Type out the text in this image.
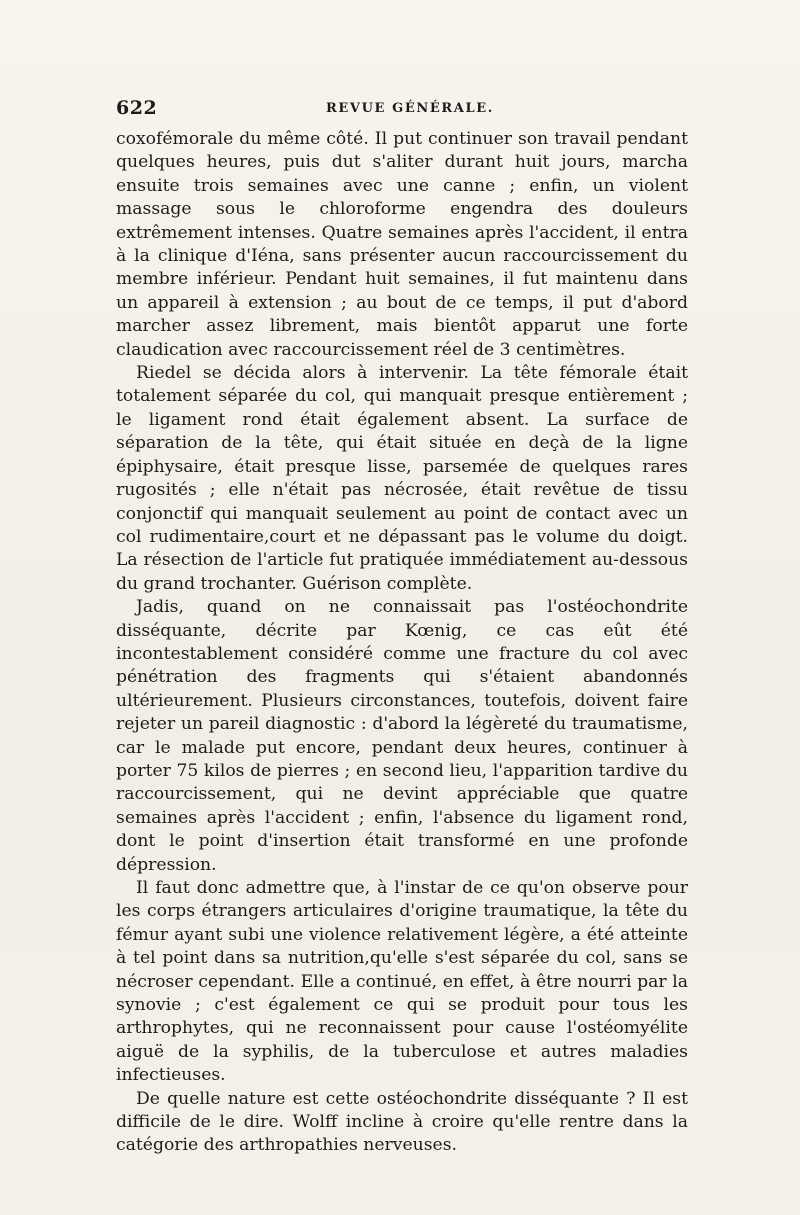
622	REVUE GÉNÉRALE.

coxofémorale du même côté. Il put continuer son travail pendant quelques heures, puis dut s'aliter durant huit jours, marcha ensuite trois semaines avec une canne ; enfin, un violent massage sous le chloroforme engendra des douleurs extrêmement intenses. Quatre semaines après l'accident, il entra à la clinique d'Iéna, sans présenter aucun raccourcissement du membre inférieur. Pendant huit semaines, il fut maintenu dans un appareil à extension ; au bout de ce temps, il put d'abord marcher assez librement, mais bientôt apparut une forte claudication avec raccourcissement réel de 3 centimètres.

Riedel se décida alors à intervenir. La tête fémorale était totalement séparée du col, qui manquait presque entièrement ; le ligament rond était également absent. La surface de séparation de la tête, qui était située en deçà de la ligne épiphysaire, était presque lisse, parsemée de quelques rares rugosités ; elle n'était pas nécrosée, était revêtue de tissu conjonctif qui manquait seulement au point de contact avec un col rudimentaire,court et ne dépassant pas le volume du doigt. La résection de l'article fut pratiquée immédiatement au-dessous du grand trochanter. Guérison complète.

Jadis, quand on ne connaissait pas l'ostéochondrite disséquante, décrite par Kœnig, ce cas eût été incontestablement considéré comme une fracture du col avec pénétration des fragments qui s'étaient abandonnés ultérieurement. Plusieurs circonstances, toutefois, doivent faire rejeter un pareil diagnostic : d'abord la légèreté du traumatisme, car le malade put encore, pendant deux heures, continuer à porter 75 kilos de pierres ; en second lieu, l'apparition tardive du raccourcissement, qui ne devint appréciable que quatre semaines après l'accident ; enfin, l'absence du ligament rond, dont le point d'insertion était transformé en une profonde dépression.

Il faut donc admettre que, à l'instar de ce qu'on observe pour les corps étrangers articulaires d'origine traumatique, la tête du fémur ayant subi une violence relativement légère, a été atteinte à tel point dans sa nutrition,qu'elle s'est séparée du col, sans se nécroser cependant. Elle a continué, en effet, à être nourri par la synovie ; c'est également ce qui se produit pour tous les arthrophytes, qui ne reconnaissent pour cause l'ostéomyélite aiguë de la syphilis, de la tuberculose et autres maladies infectieuses.

De quelle nature est cette ostéochondrite disséquante ? Il est difficile de le dire. Wolff incline à croire qu'elle rentre dans la catégorie des arthropathies nerveuses.
